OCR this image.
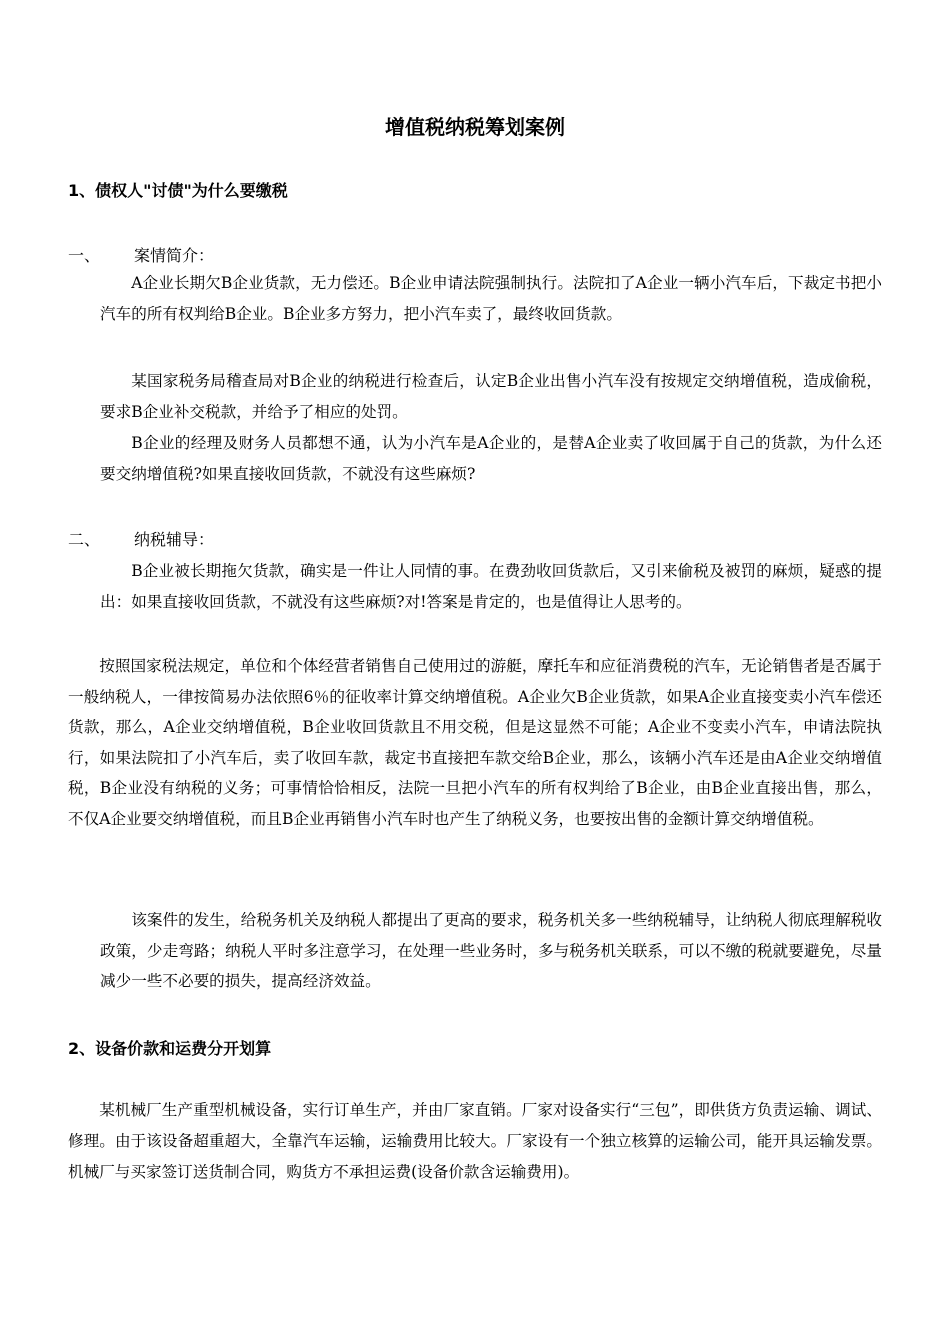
增值税纳税筹划案例
1、债权人"讨债"为什么要缴税
一、 案情简介：

A企业长期欠B企业货款，无力偿还。B企业申请法院强制执行。法院扣了A企业一辆小汽车后，下裁定书把小汽车的所有权判给B企业。B企业多方努力，把小汽车卖了，最终收回货款。

某国家税务局稽查局对B企业的纳税进行检查后，认定B企业出售小汽车没有按规定交纳增值税，造成偷税，要求B企业补交税款，并给予了相应的处罚。

B企业的经理及财务人员都想不通，认为小汽车是A企业的，是替A企业卖了收回属于自己的货款，为什么还要交纳增值税?如果直接收回货款，不就没有这些麻烦?

二、 纳税辅导：

B企业被长期拖欠货款，确实是一件让人同情的事。在费劲收回货款后，又引来偷税及被罚的麻烦，疑惑的提出：如果直接收回货款，不就没有这些麻烦?对!答案是肯定的，也是值得让人思考的。

按照国家税法规定，单位和个体经营者销售自己使用过的游艇，摩托车和应征消费税的汽车，无论销售者是否属于一般纳税人，一律按简易办法依照6％的征收率计算交纳增值税。A企业欠B企业货款，如果A企业直接变卖小汽车偿还货款，那么，A企业交纳增值税，B企业收回货款且不用交税，但是这显然不可能；A企业不变卖小汽车，申请法院执行，如果法院扣了小汽车后，卖了收回车款，裁定书直接把车款交给B企业，那么，该辆小汽车还是由A企业交纳增值税，B企业没有纳税的义务；可事情恰恰相反，法院一旦把小汽车的所有权判给了B企业，由B企业直接出售，那么，不仅A企业要交纳增值税，而且B企业再销售小汽车时也产生了纳税义务，也要按出售的金额计算交纳增值税。

该案件的发生，给税务机关及纳税人都提出了更高的要求，税务机关多一些纳税辅导，让纳税人彻底理解税收政策，少走弯路；纳税人平时多注意学习，在处理一些业务时，多与税务机关联系，可以不缴的税就要避免，尽量减少一些不必要的损失，提高经济效益。

2、设备价款和运费分开划算

某机械厂生产重型机械设备，实行订单生产，并由厂家直销。厂家对设备实行“三包”，即供货方负责运输、调试、修理。由于该设备超重超大，全靠汽车运输，运输费用比较大。厂家设有一个独立核算的运输公司，能开具运输发票。机械厂与买家签订送货制合同，购货方不承担运费(设备价款含运输费用)。
